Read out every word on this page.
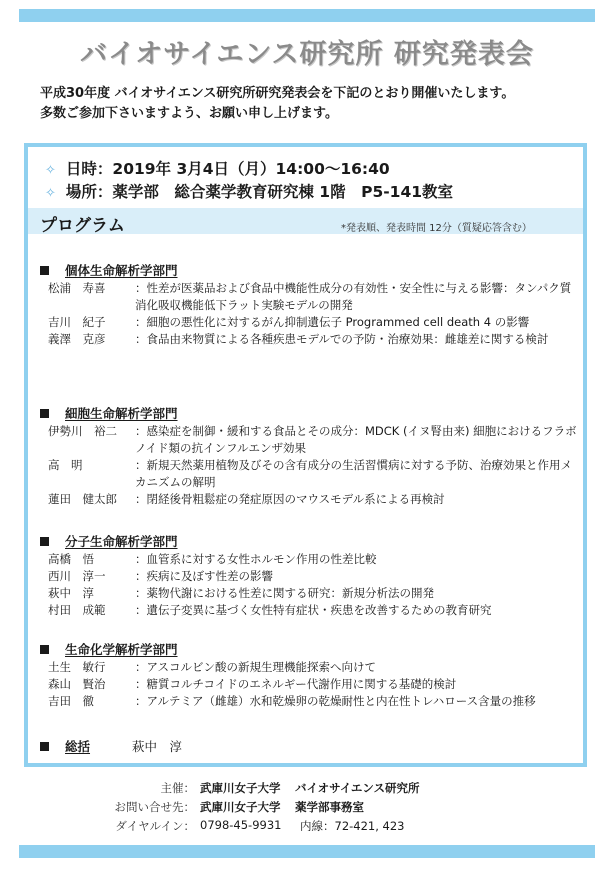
バイオサイエンス研究所 研究発表会
平成30年度 バイオサイエンス研究所研究発表会を下記のとおり開催いたします。
多数ご参加下さいますよう、お願い申し上げます。
✧ 日時：2019年 3月4日（月）14:00〜16:40
✧ 場所：薬学部　総合薬学教育研究棟 1階　P5-141教室
プログラム	*発表順、発表時間 12分（質疑応答含む）
個体生命解析学部門
松浦　寿喜	： 性差が医薬品および食品中機能性成分の有効性・安全性に与える影響：タンパク質消化吸収機能低下ラット実験モデルの開発
吉川　紀子	： 細胞の悪性化に対するがん抑制遺伝子 Programmed cell death 4 の影響
義澤　克彦	： 食品由来物質による各種疾患モデルでの予防・治療効果：雌雄差に関する検討
細胞生命解析学部門
伊勢川　裕二	： 感染症を制御・緩和する食品とその成分：MDCK (イヌ腎由来) 細胞におけるフラボノイド類の抗インフルエンザ効果
高　明	： 新規天然薬用植物及びその含有成分の生活習慣病に対する予防、治療効果と作用メカニズムの解明
蓮田　健太郎	： 閉経後骨粗鬆症の発症原因のマウスモデル系による再検討
分子生命解析学部門
高橋　悟	： 血管系に対する女性ホルモン作用の性差比較
西川　淳一	： 疾病に及ぼす性差の影響
萩中　淳	： 薬物代謝における性差に関する研究：新規分析法の開発
村田　成範	： 遺伝子変異に基づく女性特有症状・疾患を改善するための教育研究
生命化学解析学部門
土生　敏行	： アスコルビン酸の新規生理機能探索へ向けて
森山　賢治	： 糖質コルチコイドのエネルギー代謝作用に関する基礎的検討
吉田　徹	： アルテミア（雌雄）水和乾燥卵の乾燥耐性と内在性トレハロース含量の推移
総括	萩中　淳
主催： 武庫川女子大学 バイオサイエンス研究所
お問い合せ先： 武庫川女子大学 薬学部事務室
ダイヤルイン： 0798-45-9931 内線：72-421, 423
